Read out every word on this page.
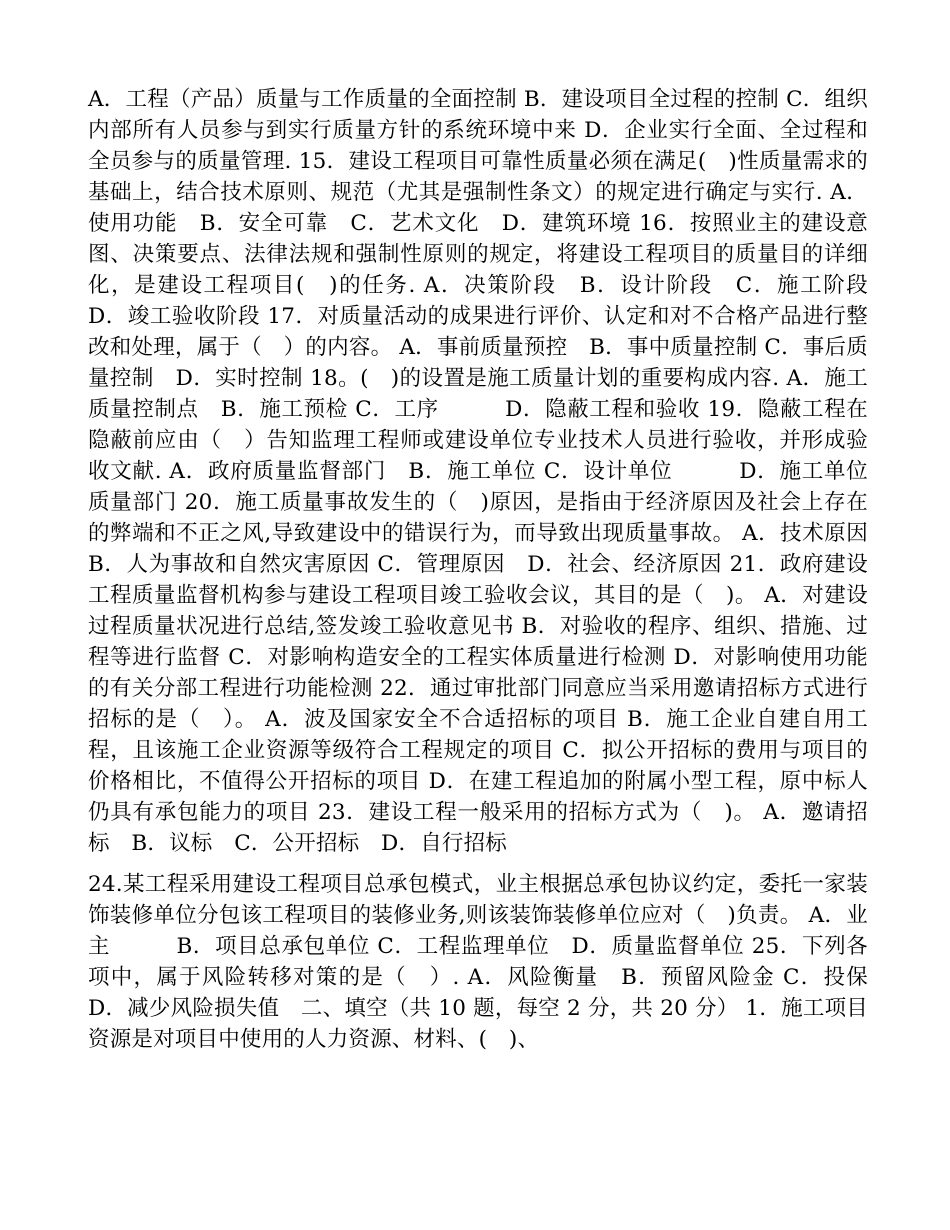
A．工程（产品）质量与工作质量的全面控制 B．建设项目全过程的控制 C．组织内部所有人员参与到实行质量方针的系统环境中来 D．企业实行全面、全过程和全员参与的质量管理. 15．建设工程项目可靠性质量必须在满足(　)性质量需求的基础上，结合技术原则、规范（尤其是强制性条文）的规定进行确定与实行. A．使用功能　B．安全可靠　C．艺术文化　D．建筑环境 16．按照业主的建设意图、决策要点、法律法规和强制性原则的规定，将建设工程项目的质量目的详细化，是建设工程项目(　)的任务. A．决策阶段　B．设计阶段　C．施工阶段　D．竣工验收阶段 17．对质量活动的成果进行评价、认定和对不合格产品进行整改和处理，属于（　）的内容。 A．事前质量预控　B．事中质量控制 C．事后质量控制　D．实时控制 18。(　)的设置是施工质量计划的重要构成内容. A．施工质量控制点　B．施工预检 C．工序　　　D．隐蔽工程和验收 19．隐蔽工程在隐蔽前应由（　）告知监理工程师或建设单位专业技术人员进行验收，并形成验收文献. A．政府质量监督部门　B．施工单位 C．设计单位　　　D．施工单位质量部门 20．施工质量事故发生的（　)原因，是指由于经济原因及社会上存在的弊端和不正之风,导致建设中的错误行为，而导致出现质量事故。 A．技术原因　B．人为事故和自然灾害原因 C．管理原因　D．社会、经济原因 21．政府建设工程质量监督机构参与建设工程项目竣工验收会议，其目的是（　)。 A．对建设过程质量状况进行总结,签发竣工验收意见书 B．对验收的程序、组织、措施、过程等进行监督 C．对影响构造安全的工程实体质量进行检测 D．对影响使用功能的有关分部工程进行功能检测 22．通过审批部门同意应当采用邀请招标方式进行招标的是（　）。 A．波及国家安全不合适招标的项目 B．施工企业自建自用工程，且该施工企业资源等级符合工程规定的项目 C．拟公开招标的费用与项目的价格相比，不值得公开招标的项目 D．在建工程追加的附属小型工程，原中标人仍具有承包能力的项目 23．建设工程一般采用的招标方式为（　)。 A．邀请招标　B．议标　C．公开招标　D．自行招标

24.某工程采用建设工程项目总承包模式，业主根据总承包协议约定，委托一家装饰装修单位分包该工程项目的装修业务,则该装饰装修单位应对（　)负责。 A．业主　　　B．项目总承包单位 C．工程监理单位　D．质量监督单位 25．下列各项中，属于风险转移对策的是（　）. A．风险衡量　B．预留风险金 C．投保　　D．减少风险损失值　二、填空（共 10 题，每空 2 分，共 20 分） 1．施工项目资源是对项目中使用的人力资源、材料、(　)、
